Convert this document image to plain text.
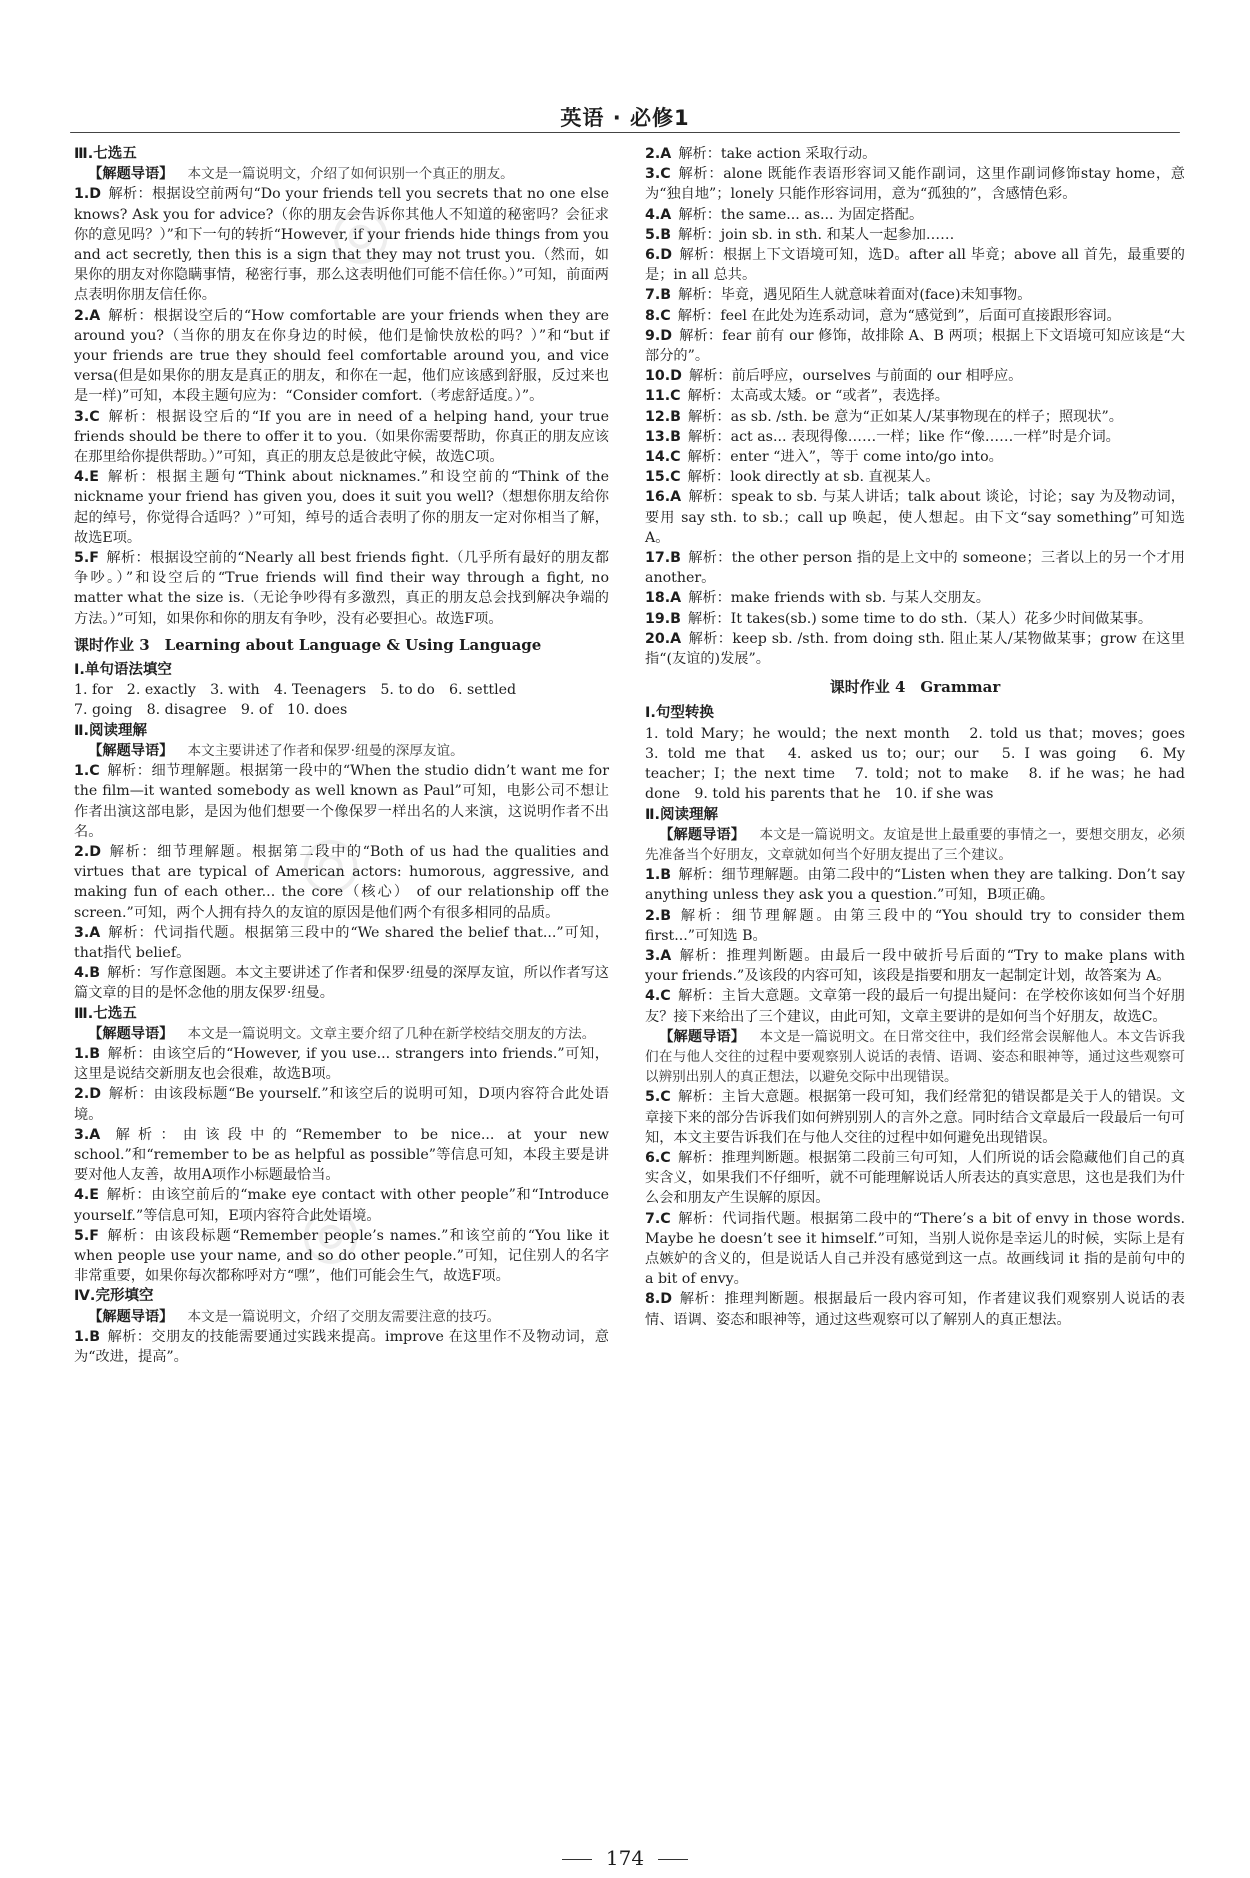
英语 · 必修1
◎
◎
◎

Ⅲ.七选五

【解题导语】  本文是一篇说明文，介绍了如何识别一个真正的朋友。

1.D  解析：根据设空前两句“Do your friends tell you secrets that no one else knows? Ask you for advice?（你的朋友会告诉你其他人不知道的秘密吗？会征求你的意见吗？）”和下一句的转折“However, if your friends hide things from you and act secretly, then this is a sign that they may not trust you.（然而，如果你的朋友对你隐瞒事情，秘密行事，那么这表明他们可能不信任你。）”可知，前面两点表明你朋友信任你。

2.A  解析：根据设空后的“How comfortable are your friends when they are around you?（当你的朋友在你身边的时候，他们是愉快放松的吗？）”和“but if your friends are true they should feel comfortable around you, and vice versa(但是如果你的朋友是真正的朋友，和你在一起，他们应该感到舒服，反过来也是一样)”可知，本段主题句应为：“Consider comfort.（考虑舒适度。）”。

3.C  解析：根据设空后的“If you are in need of a helping hand, your true friends should be there to offer it to you.（如果你需要帮助，你真正的朋友应该在那里给你提供帮助。）”可知，真正的朋友总是彼此守候，故选C项。

4.E  解析：根据主题句“Think about nicknames.”和设空前的“Think of the nickname your friend has given you, does it suit you well?（想想你朋友给你起的绰号，你觉得合适吗？）”可知，绰号的适合表明了你的朋友一定对你相当了解，故选E项。

5.F  解析：根据设空前的“Nearly all best friends fight.（几乎所有最好的朋友都争吵。）”和设空后的“True friends will find their way through a fight, no matter what the size is.（无论争吵得有多激烈，真正的朋友总会找到解决争端的方法。）”可知，如果你和你的朋友有争吵，没有必要担心。故选F项。

课时作业 3　Learning about Language & Using Language

Ⅰ.单句语法填空

1. for　2. exactly　3. with　4. Teenagers　5. to do　6. settled

7. going　8. disagree　9. of　10. does

Ⅱ.阅读理解

【解题导语】  本文主要讲述了作者和保罗·纽曼的深厚友谊。

1.C  解析：细节理解题。根据第一段中的“When the studio didn’t want me for the film—it wanted somebody as well known as Paul”可知，电影公司不想让作者出演这部电影，是因为他们想要一个像保罗一样出名的人来演，这说明作者不出名。

2.D  解析：细节理解题。根据第二段中的“Both of us had the qualities and virtues that are typical of American actors: humorous, aggressive, and making fun of each other... the core（核心） of our relationship off the screen.”可知，两个人拥有持久的友谊的原因是他们两个有很多相同的品质。

3.A  解析：代词指代题。根据第三段中的“We shared the belief that...”可知，that指代 belief。

4.B  解析：写作意图题。本文主要讲述了作者和保罗·纽曼的深厚友谊，所以作者写这篇文章的目的是怀念他的朋友保罗·纽曼。

Ⅲ.七选五

【解题导语】  本文是一篇说明文。文章主要介绍了几种在新学校结交朋友的方法。

1.B  解析：由该空后的“However, if you use... strangers into friends.”可知，这里是说结交新朋友也会很难，故选B项。

2.D  解析：由该段标题“Be yourself.”和该空后的说明可知，D项内容符合此处语境。

3.A  解析：由该段中的“Remember to be nice... at your new school.”和“remember to be as helpful as possible”等信息可知，本段主要是讲要对他人友善，故用A项作小标题最恰当。

4.E  解析：由该空前后的“make eye contact with other people”和“Introduce yourself.”等信息可知，E项内容符合此处语境。

5.F  解析：由该段标题“Remember people’s names.”和该空前的“You like it when people use your name, and so do other people.”可知，记住别人的名字非常重要，如果你每次都称呼对方“嘿”，他们可能会生气，故选F项。

Ⅳ.完形填空

【解题导语】  本文是一篇说明文，介绍了交朋友需要注意的技巧。

1.B  解析：交朋友的技能需要通过实践来提高。improve 在这里作不及物动词，意为“改进，提高”。

2.A  解析：take action 采取行动。

3.C  解析：alone 既能作表语形容词又能作副词，这里作副词修饰stay home，意为“独自地”；lonely 只能作形容词用，意为“孤独的”，含感情色彩。

4.A  解析：the same... as... 为固定搭配。

5.B  解析：join sb. in sth. 和某人一起参加……

6.D  解析：根据上下文语境可知，选D。after all 毕竟；above all 首先，最重要的是；in all 总共。

7.B  解析：毕竟，遇见陌生人就意味着面对(face)未知事物。

8.C  解析：feel 在此处为连系动词，意为“感觉到”，后面可直接跟形容词。

9.D  解析：fear 前有 our 修饰，故排除 A、B 两项；根据上下文语境可知应该是“大部分的”。

10.D  解析：前后呼应，ourselves 与前面的 our 相呼应。

11.C  解析：太高或太矮。or “或者”，表选择。

12.B  解析：as sb. /sth. be 意为“正如某人/某事物现在的样子；照现状”。

13.B  解析：act as... 表现得像……一样；like 作“像……一样”时是介词。

14.C  解析：enter “进入”，等于 come into/go into。

15.C  解析：look directly at sb. 直视某人。

16.A  解析：speak to sb. 与某人讲话；talk about 谈论，讨论；say 为及物动词，要用 say sth. to sb.；call up 唤起，使人想起。由下文“say something”可知选 A。

17.B  解析：the other person 指的是上文中的 someone；三者以上的另一个才用 another。

18.A  解析：make friends with sb. 与某人交朋友。

19.B  解析：It takes(sb.) some time to do sth.（某人）花多少时间做某事。

20.A  解析：keep sb. /sth. from doing sth. 阻止某人/某物做某事；grow 在这里指“(友谊的)发展”。

课时作业 4　Grammar

Ⅰ.句型转换

1. told Mary；he would；the next month　2. told us that；moves；goes　3. told me that　4. asked us to；our；our　5. I was going　6. My teacher；I；the next time　7. told；not to make　8. if he was；he had done　9. told his parents that he　10. if she was

Ⅱ.阅读理解

【解题导语】  本文是一篇说明文。友谊是世上最重要的事情之一，要想交朋友，必须先准备当个好朋友，文章就如何当个好朋友提出了三个建议。

1.B  解析：细节理解题。由第二段中的“Listen when they are talking. Don’t say anything unless they ask you a question.”可知，B项正确。

2.B  解析：细节理解题。由第三段中的“You should try to consider them first...”可知选 B。

3.A  解析：推理判断题。由最后一段中破折号后面的“Try to make plans with your friends.”及该段的内容可知，该段是指要和朋友一起制定计划，故答案为 A。

4.C  解析：主旨大意题。文章第一段的最后一句提出疑问：在学校你该如何当个好朋友？接下来给出了三个建议，由此可知，文章主要讲的是如何当个好朋友，故选C。

【解题导语】  本文是一篇说明文。在日常交往中，我们经常会误解他人。本文告诉我们在与他人交往的过程中要观察别人说话的表情、语调、姿态和眼神等，通过这些观察可以辨别出别人的真正想法，以避免交际中出现错误。

5.C  解析：主旨大意题。根据第一段可知，我们经常犯的错误都是关于人的错误。文章接下来的部分告诉我们如何辨别别人的言外之意。同时结合文章最后一段最后一句可知，本文主要告诉我们在与他人交往的过程中如何避免出现错误。

6.C  解析：推理判断题。根据第二段前三句可知，人们所说的话会隐藏他们自己的真实含义，如果我们不仔细听，就不可能理解说话人所表达的真实意思，这也是我们为什么会和朋友产生误解的原因。

7.C  解析：代词指代题。根据第二段中的“There’s a bit of envy in those words. Maybe he doesn’t see it himself.”可知，当别人说你是幸运儿的时候，实际上是有点嫉妒的含义的，但是说话人自己并没有感觉到这一点。故画线词 it 指的是前句中的 a bit of envy。

8.D  解析：推理判断题。根据最后一段内容可知，作者建议我们观察别人说话的表情、语调、姿态和眼神等，通过这些观察可以了解别人的真正想法。

174
